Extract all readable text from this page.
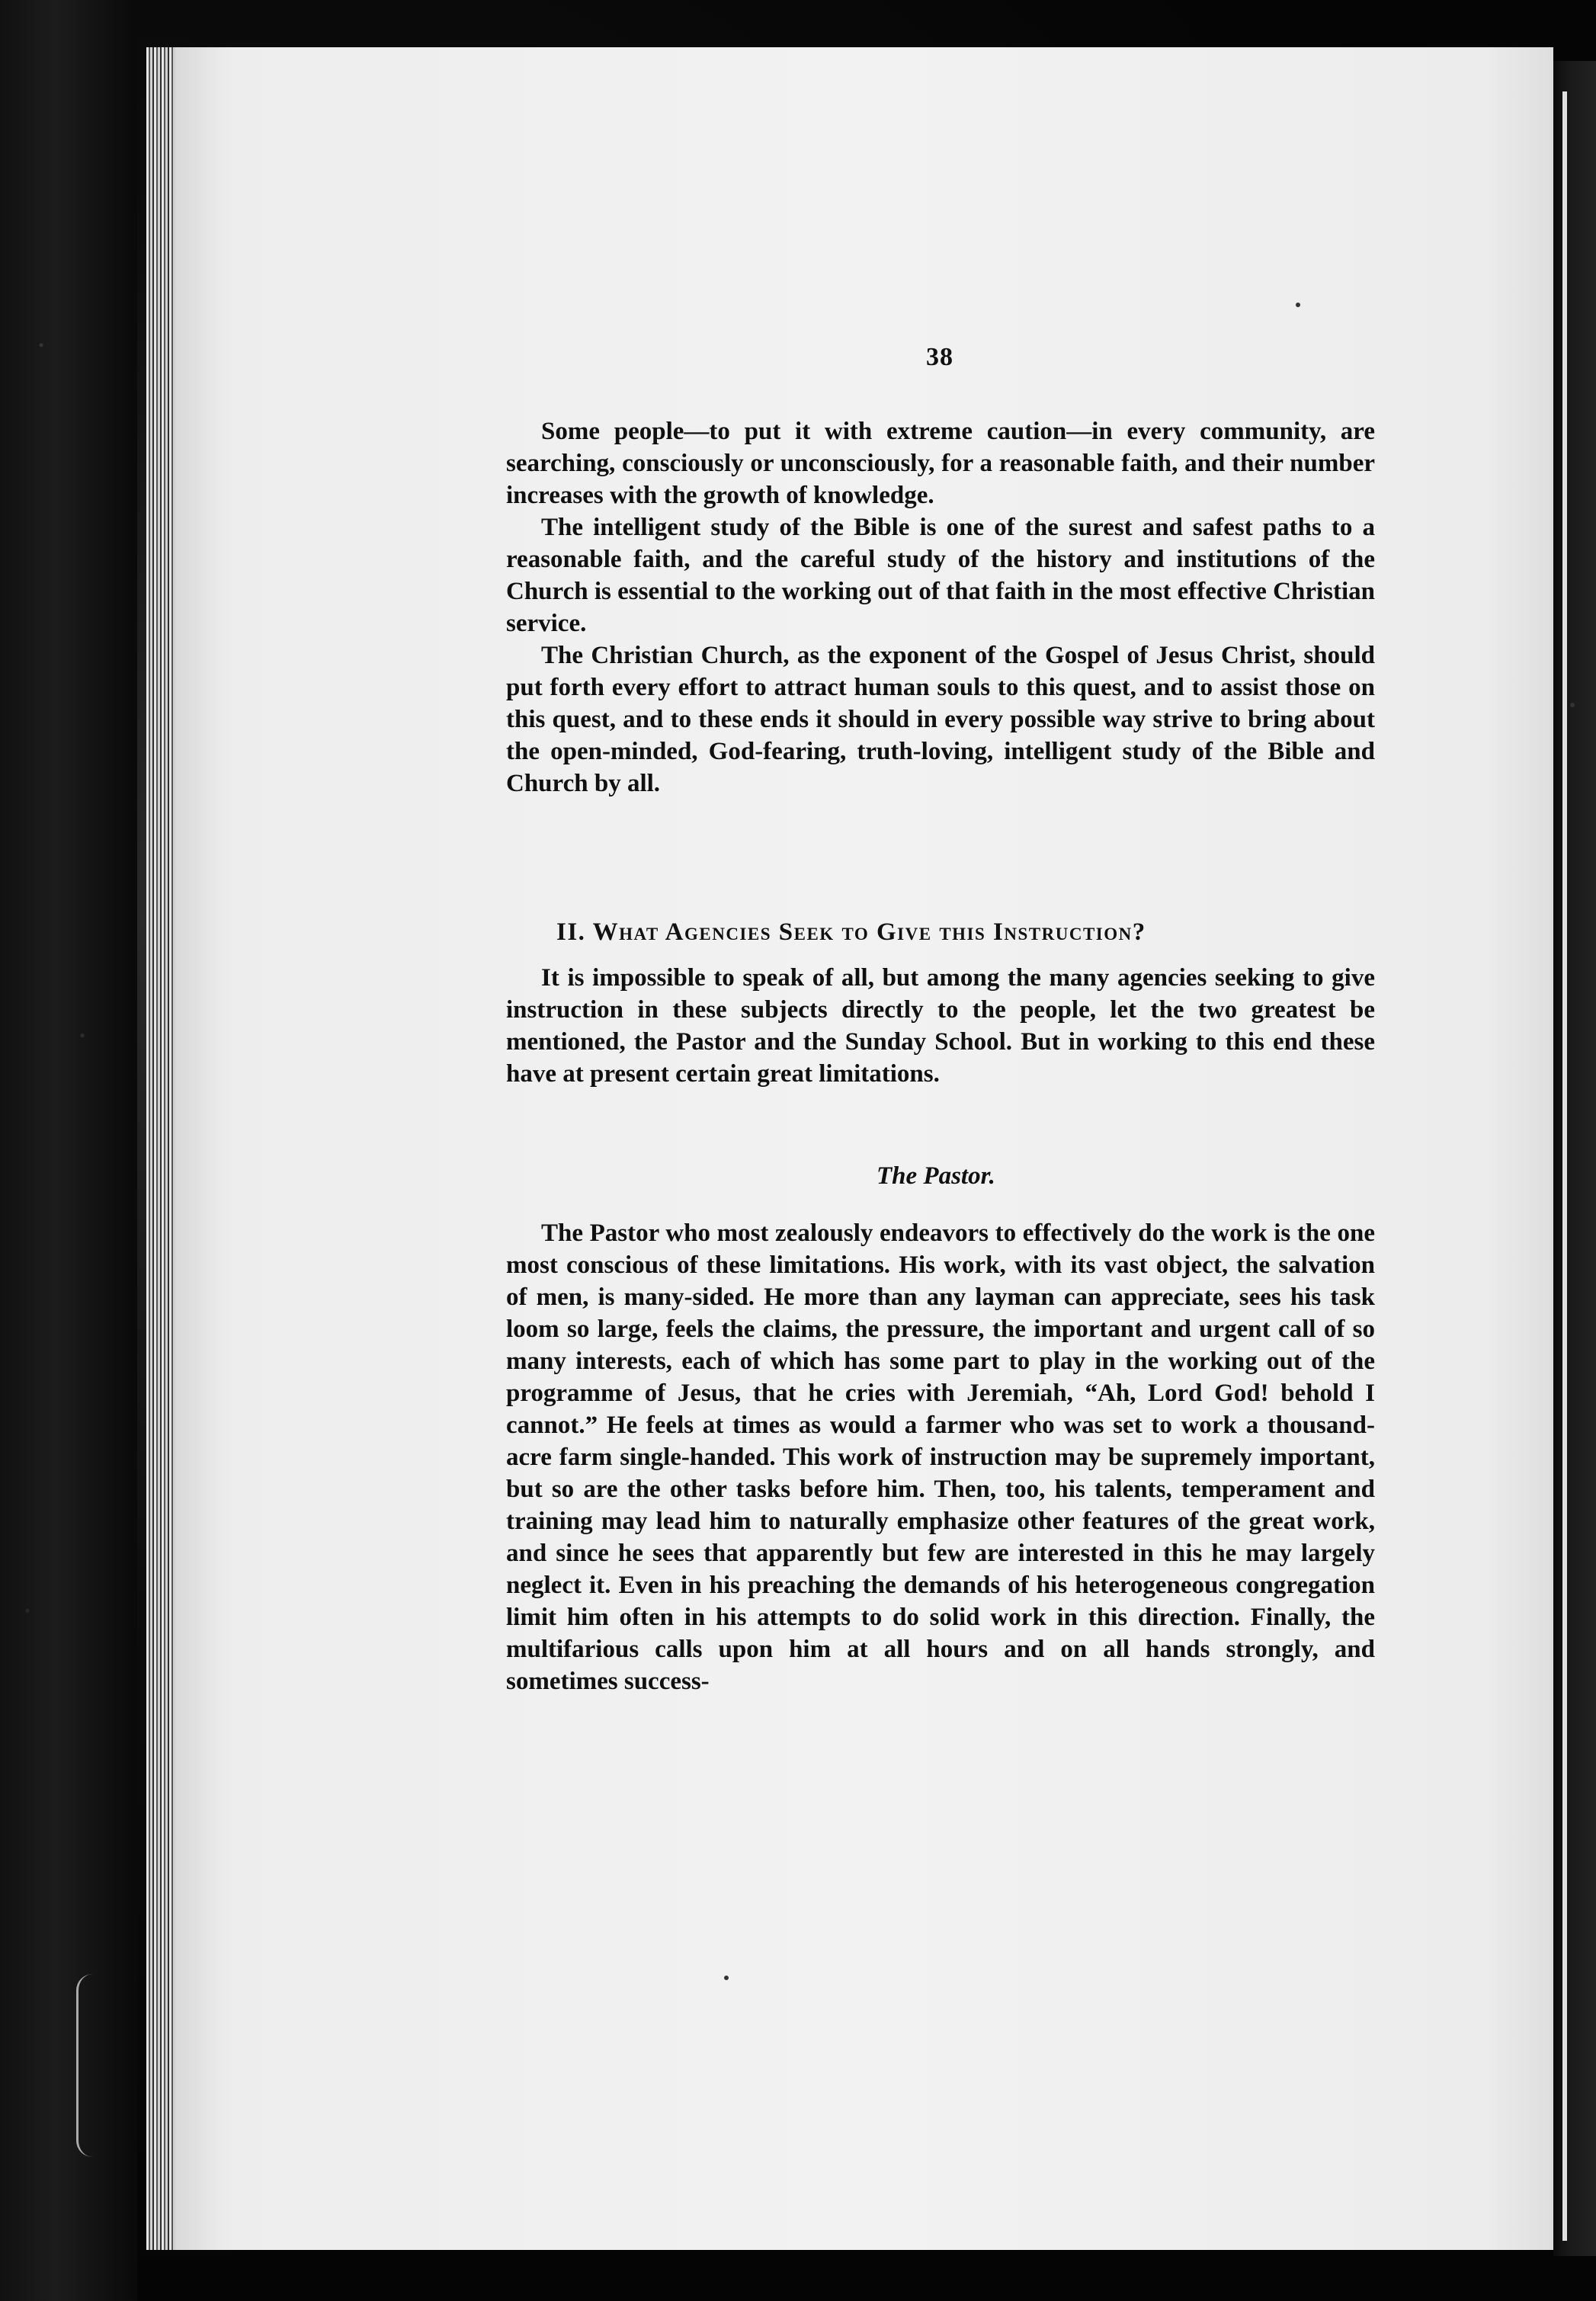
38

Some people—to put it with extreme caution—in every community, are searching, consciously or unconsciously, for a reasonable faith, and their number increases with the growth of knowledge.

The intelligent study of the Bible is one of the surest and safest paths to a reasonable faith, and the careful study of the history and institutions of the Church is essential to the working out of that faith in the most effective Christian service.

The Christian Church, as the exponent of the Gospel of Jesus Christ, should put forth every effort to attract human souls to this quest, and to assist those on this quest, and to these ends it should in every possible way strive to bring about the open-minded, God-fearing, truth-loving, intelligent study of the Bible and Church by all.

II. What Agencies Seek to Give this Instruction?

It is impossible to speak of all, but among the many agencies seeking to give instruction in these subjects directly to the people, let the two greatest be mentioned, the Pastor and the Sunday School. But in working to this end these have at present certain great limitations.

The Pastor.

The Pastor who most zealously endeavors to effectively do the work is the one most conscious of these limitations. His work, with its vast object, the salvation of men, is many-sided. He more than any layman can appreciate, sees his task loom so large, feels the claims, the pressure, the important and urgent call of so many interests, each of which has some part to play in the working out of the programme of Jesus, that he cries with Jeremiah, “Ah, Lord God! behold I cannot.” He feels at times as would a farmer who was set to work a thousand-acre farm single-handed. This work of instruction may be supremely important, but so are the other tasks before him. Then, too, his talents, temperament and training may lead him to naturally emphasize other features of the great work, and since he sees that apparently but few are interested in this he may largely neglect it. Even in his preaching the demands of his heterogeneous congregation limit him often in his attempts to do solid work in this direction. Finally, the multifarious calls upon him at all hours and on all hands strongly, and sometimes success-
